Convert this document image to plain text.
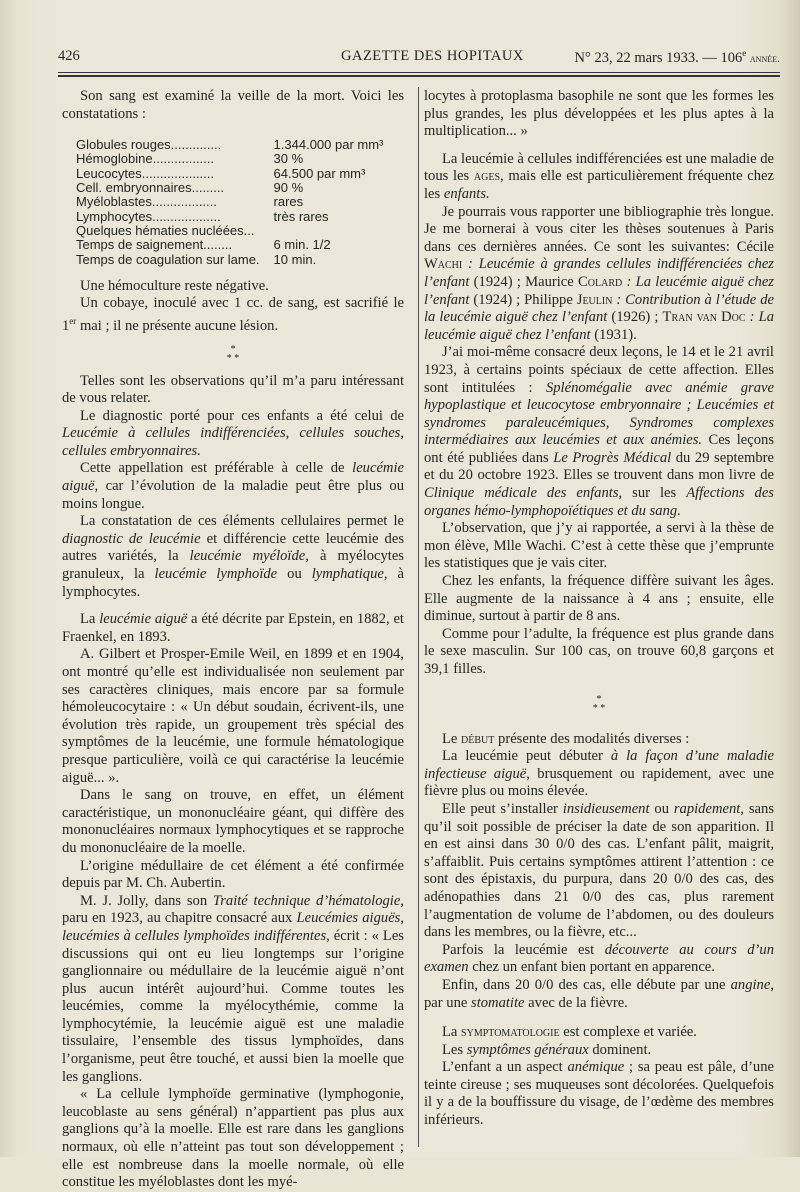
426	GAZETTE DES HOPITAUX	N° 23, 22 mars 1933. — 106e année.

Son sang est examiné la veille de la mort. Voici les constatations :

Globules rouges..............	1.344.000 par mm³
Hémoglobine.................	30 %
Leucocytes....................	64.500 par mm³
Cell. embryonnaires.........	90 %
Myéloblastes..................	rares
Lymphocytes...................	très rares
Quelques hématies nucléées...	
Temps de saignement........	6 min. 1/2
Temps de coagulation sur lame.	10 min.

Une hémoculture reste négative.

Un cobaye, inoculé avec 1 cc. de sang, est sacrifié le 1er mai ; il ne présente aucune lésion.

*
* *

Telles sont les observations qu’il m’a paru intéressant de vous relater.

Le diagnostic porté pour ces enfants a été celui de Leucémie à cellules indifférenciées, cellules souches, cellules embryonnaires.

Cette appellation est préférable à celle de leucémie aiguë, car l’évolution de la maladie peut être plus ou moins longue.

La constatation de ces éléments cellulaires permet le diagnostic de leucémie et différencie cette leucémie des autres variétés, la leucémie myéloïde, à myélocytes granuleux, la leucémie lymphoïde ou lymphatique, à lymphocytes.

La leucémie aiguë a été décrite par Epstein, en 1882, et Fraenkel, en 1893.

A. Gilbert et Prosper-Emile Weil, en 1899 et en 1904, ont montré qu’elle est individualisée non seulement par ses caractères cliniques, mais encore par sa formule hémoleucocytaire : « Un début soudain, écrivent-ils, une évolution très rapide, un groupement très spécial des symptômes de la leucémie, une formule hématologique presque particulière, voilà ce qui caractérise la leucémie aiguë... ».

Dans le sang on trouve, en effet, un élément caractéristique, un mononucléaire géant, qui diffère des mononucléaires normaux lymphocytiques et se rapproche du mononucléaire de la moelle.

L’origine médullaire de cet élément a été confirmée depuis par M. Ch. Aubertin.

M. J. Jolly, dans son Traité technique d’hématologie, paru en 1923, au chapitre consacré aux Leucémies aiguës, leucémies à cellules lymphoïdes indifférentes, écrit : « Les discussions qui ont eu lieu longtemps sur l’origine ganglionnaire ou médullaire de la leucémie aiguë n’ont plus aucun intérêt aujourd’hui. Comme toutes les leucémies, comme la myélocythémie, comme la lymphocytémie, la leucémie aiguë est une maladie tissulaire, l’ensemble des tissus lymphoïdes, dans l’organisme, peut être touché, et aussi bien la moelle que les ganglions.

« La cellule lymphoïde germinative (lymphogonie, leucoblaste au sens général) n’appartient pas plus aux ganglions qu’à la moelle. Elle est rare dans les ganglions normaux, où elle n’atteint pas tout son développement ; elle est nombreuse dans la moelle normale, où elle constitue les myéloblastes dont les myé-

locytes à protoplasma basophile ne sont que les formes les plus grandes, les plus développées et les plus aptes à la multiplication... »

La leucémie à cellules indifférenciées est une maladie de tous les ages, mais elle est particulièrement fréquente chez les enfants.

Je pourrais vous rapporter une bibliographie très longue. Je me bornerai à vous citer les thèses soutenues à Paris dans ces dernières années. Ce sont les suivantes: Cécile Wachi : Leucémie à grandes cellules indifférenciées chez l’enfant (1924) ; Maurice Colard : La leucémie aiguë chez l’enfant (1924) ; Philippe Jeulin : Contribution à l’étude de la leucémie aiguë chez l’enfant (1926) ; Tran van Doc : La leucémie aiguë chez l’enfant (1931).

J’ai moi-même consacré deux leçons, le 14 et le 21 avril 1923, à certains points spéciaux de cette affection. Elles sont intitulées : Splénomégalie avec anémie grave hypoplastique et leucocytose embryonnaire ; Leucémies et syndromes paraleucémiques, Syndromes complexes intermédiaires aux leucémies et aux anémies. Ces leçons ont été publiées dans Le Progrès Médical du 29 septembre et du 20 octobre 1923. Elles se trouvent dans mon livre de Clinique médicale des enfants, sur les Affections des organes hémo-lymphopoïétiques et du sang.

L’observation, que j’y ai rapportée, a servi à la thèse de mon élève, Mlle Wachi. C’est à cette thèse que j’emprunte les statistiques que je vais citer.

Chez les enfants, la fréquence diffère suivant les âges. Elle augmente de la naissance à 4 ans ; ensuite, elle diminue, surtout à partir de 8 ans.

Comme pour l’adulte, la fréquence est plus grande dans le sexe masculin. Sur 100 cas, on trouve 60,8 garçons et 39,1 filles.

*
* *

Le début présente des modalités diverses :

La leucémie peut débuter à la façon d’une maladie infectieuse aiguë, brusquement ou rapidement, avec une fièvre plus ou moins élevée.

Elle peut s’installer insidieusement ou rapidement, sans qu’il soit possible de préciser la date de son apparition. Il en est ainsi dans 30 0/0 des cas. L’enfant pâlit, maigrit, s’affaiblit. Puis certains symptômes attirent l’attention : ce sont des épistaxis, du purpura, dans 20 0/0 des cas, des adénopathies dans 21 0/0 des cas, plus rarement l’augmentation de volume de l’abdomen, ou des douleurs dans les membres, ou la fièvre, etc...

Parfois la leucémie est découverte au cours d’un examen chez un enfant bien portant en apparence.

Enfin, dans 20 0/0 des cas, elle débute par une angine, par une stomatite avec de la fièvre.

La symptomatologie est complexe et variée.

Les symptômes généraux dominent.

L’enfant a un aspect anémique ; sa peau est pâle, d’une teinte cireuse ; ses muqueuses sont décolorées. Quelquefois il y a de la bouffissure du visage, de l’œdème des membres inférieurs.
